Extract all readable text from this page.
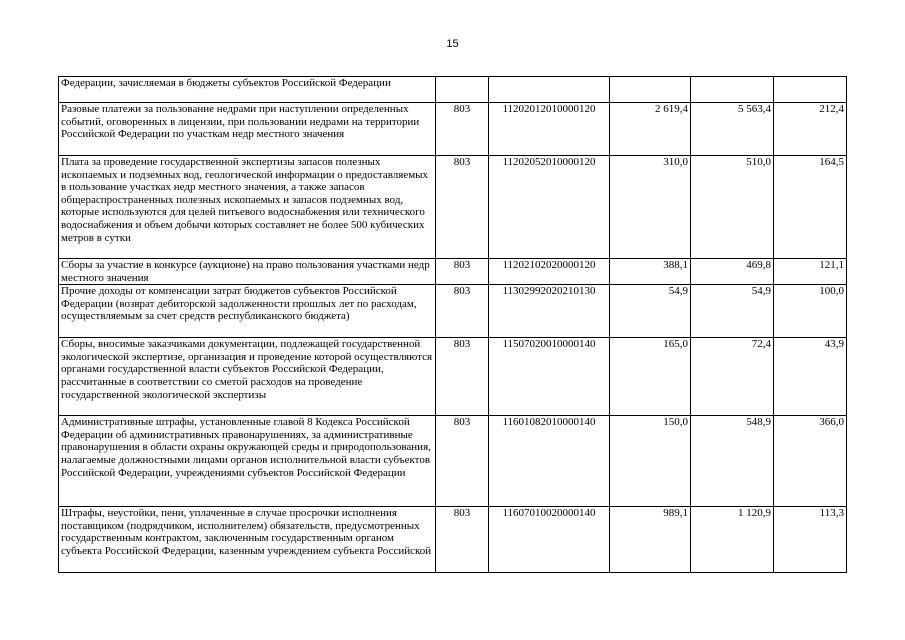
15
Федерации, зачисляемая в бюджеты субъектов Российской Федерации					
Разовые платежи за пользование недрами при наступлении определенных событий, оговоренных в лицензии, при пользовании недрами на территории Российской Федерации по участкам недр местного значения	803	11202012010000120	2 619,4	5 563,4	212,4
Плата за проведение государственной экспертизы запасов полезных ископаемых и подземных вод, геологической информации о предоставляемых в пользование участках недр местного значения, а также запасов общераспространенных полезных ископаемых и запасов подземных вод, которые используются для целей питьевого водоснабжения или технического водоснабжения и объем добычи которых составляет не более 500 кубических метров в сутки	803	11202052010000120	310,0	510,0	164,5
Сборы за участие в конкурсе (аукционе) на право пользования участками недр местного значения	803	11202102020000120	388,1	469,8	121,1
Прочие доходы от компенсации затрат бюджетов субъектов Российской Федерации (возврат дебиторской задолженности прошлых лет по расходам, осуществляемым за счет средств республиканского бюджета)	803	11302992020210130	54,9	54,9	100,0
Сборы, вносимые заказчиками документации, подлежащей государственной экологической экспертизе, организация и проведение которой осуществляются органами государственной власти субъектов Российской Федерации, рассчитанные в соответствии со сметой расходов на проведение государственной экологической экспертизы	803	11507020010000140	165,0	72,4	43,9
Административные штрафы, установленные главой 8 Кодекса Российской Федерации об административных правонарушениях, за административные правонарушения в области охраны окружающей среды и природопользования, налагаемые должностными лицами органов исполнительной власти субъектов Российской Федерации, учреждениями субъектов Российской Федерации	803	11601082010000140	150,0	548,9	366,0
Штрафы, неустойки, пени, уплаченные в случае просрочки исполнения поставщиком (подрядчиком, исполнителем) обязательств, предусмотренных государственным контрактом, заключенным государственным органом субъекта Российской Федерации, казенным учреждением субъекта Российской	803	11607010020000140	989,1	1 120,9	113,3
